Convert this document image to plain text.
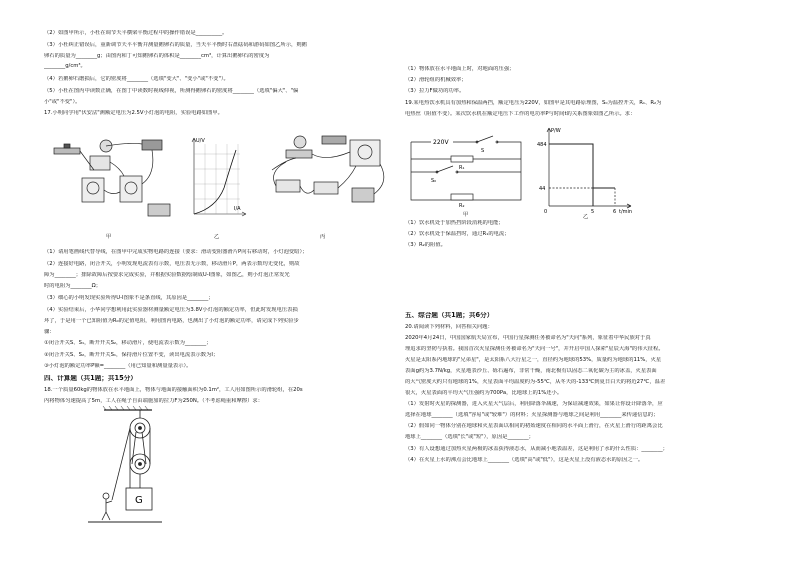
（2）如图甲所示，小杜在调节天平横梁平衡过程中的操作错误是__________。
（3）小杜纠正错误后，重新调节天平平衡并测量鹅卵石的质量，当天平平衡时右盘砝码和游码如图乙所示，则鹅
卵石的质量为________g；由图丙和丁可知鹅卵石的体积是________cm³，计算出鹅卵石的密度为
________g/cm³。
（4）若鹅卵石磨损后，它的密度将________（选填"变大"、"变小"或"不变"）。
（5）小杜在图丙中读数正确，在图丁中读数时视线仰视，所测得鹅卵石的密度将________（选填"偏大"、"偏
小"或"不变"）。
17.小明同学用"伏安法"测额定电压为2.5V小灯泡的电阻，实验电路如图甲。
甲
U/V
I/A
乙	丙
（1）请用笔画线代替导线，在图甲中完成实物电路的连接（要求：滑动变阻器滑片P向右移动时，小灯泡变暗）；
（2）连接好电路，闭合开关，小明发现电流表有示数，电压表无示数，移动滑片P，两表示数均无变化，则故
障为________；排除故障后按要求完成实验，并根据实验数据绘制成U-I图象，如图乙，则小灯泡正常发光
时的电阻为________Ω；
（3）细心的小明发现实验所得U-I图象不是条直线，其原因是________；
（4）实验结束后，小华同学想利用此实验器材测量额定电压为3.8V小灯泡的额定功率，但此时发现电压表损
坏了，于是用一个已知阻值为R₀的定值电阻，利用图丙电路，也测出了小灯泡的额定功率，请完成下列实验步
骤：
①闭合开关S、S₁，断开开关S₂，移动滑片，使电流表示数为________；
②闭合开关S、S₂，断开开关S₁，保持滑片位置不变，读出电流表示数为I；
③小灯泡的额定功率P额=________（用已知量和测量量表示）。
四、计算题（共1题；共15分）
18.一个质量60kg的物体放在水平地面上，物体与地面的接触面积为0.1m²，工人用如图所示的滑轮组，在20s
内将物体匀速提高了5m，工人在绳子自由端施加的拉力F为250N。（不考虑绳重和摩擦）求：
G
（1）物体放在水平地面上时，对地面的压强；
（2）滑轮组的机械效率；
（3）拉力F做功的功率。
19.某电热饮水机具有加热和保温两挡，额定电压为220V，如图甲是其电路原理图，S₀为温控开关，R₁、R₂为
电热丝（阻值不变）。某次饮水机在额定电压下工作的电功率P与时间t的关系图象如图乙所示。求：
220V
S
S₀
R₁
R₂
甲
P/W
484
44
0	5	6 t/min
乙
（1）饮水机处于加热挡阶段消耗的电能；
（2）饮水机处于保温挡时，通过R₁的电流；
（3）R₂的阻值。
五、综合题（共1题；共6分）
20.请阅读下列材料，回答相关问题：
2020年4月24日，中国国家航天局宣布，中国行星探测任务被命名为"天问"系列，象征着中华民族对于真
理追求的坚韧与执着。我国首次火星探测任务被命名为"天问一号"，并开启中国人探索"星辰大海"的伟大征程。
火星是太阳系内地球的"兄弟星"，是太阳系八大行星之一，直径约为地球的53%，质量约为地球的11%，火星
表面g约为3.7N/kg，火星地表沙丘、砾石遍布，非常干燥，南北极有以固态二氧化碳为主的冰盖，火星表面
的大气密度大约只有地球的1%，火星表面平均温度约为-55℃，从冬天的-133℃到夏日白天的将近27℃，温差
很大，火星表面的平均大气压强约为700Pa，比地球上的1%还小。
（1）发射时火星的探测器，进入火星大气层后，利用降落伞减速，为保证减速效果，如果让你设计降落伞，应
选择在地球________（选填"容易"或"较难"）的材料；火星探测器与地球之间是利用________来传递信息的；
（2）假如同一物体分别在地球和火星表面以相同的初始速度在相同的水平面上滑行，在火星上滑行的距离会比
地球上________（选填"长"或"短"），原因是________；
（3）有人设想通过加热火星两极的冰盖获得液态水，从而减小地表温差，这是利用了水的什么性质：________；
（4）在火星上水的沸点会比地球上________（选填"高"或"低"），这是火星上没有液态水的原因之一。
